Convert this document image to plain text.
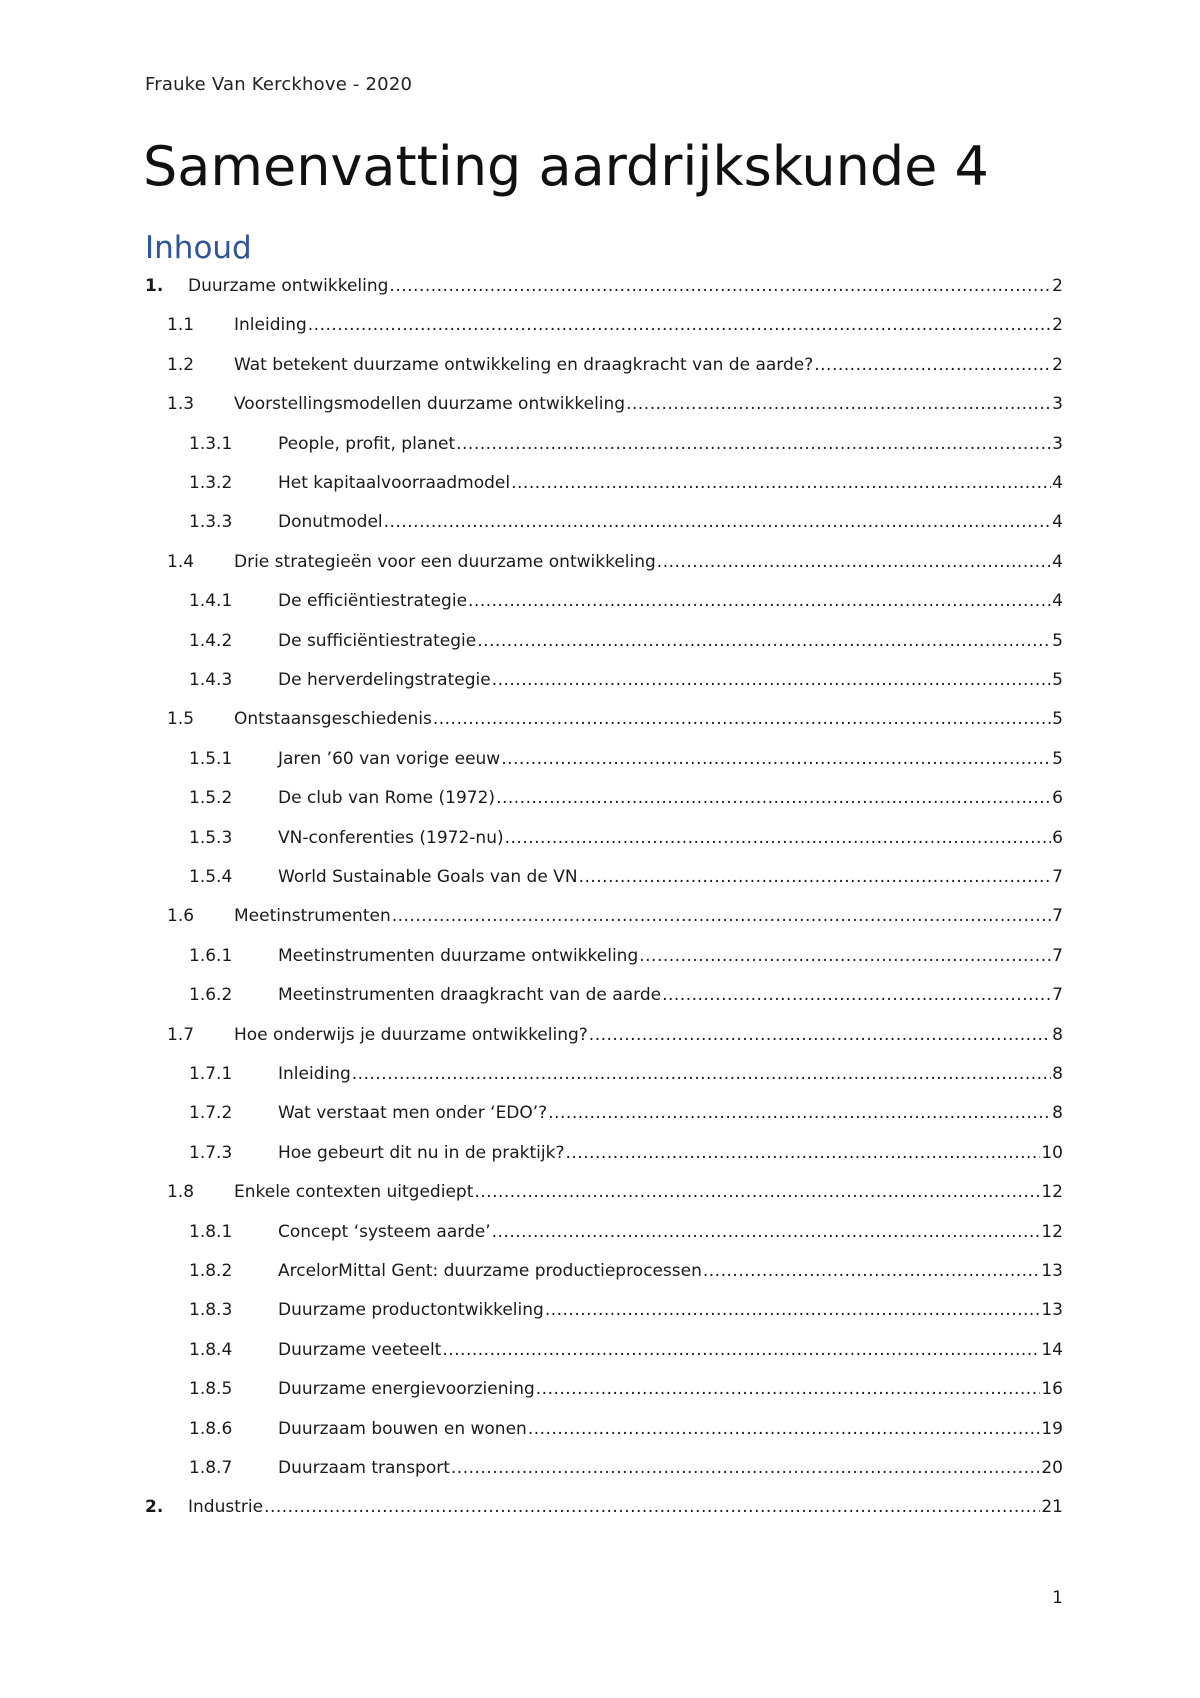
Frauke Van Kerckhove - 2020
Samenvatting aardrijkskunde 4
Inhoud
1.	Duurzame ontwikkeling .....	2
1.1	Inleiding .....	2
1.2	Wat betekent duurzame ontwikkeling en draagkracht van de aarde? .....	2
1.3	Voorstellingsmodellen duurzame ontwikkeling .....	3
1.3.1	People, profit, planet .....	3
1.3.2	Het kapitaalvoorraadmodel .....	4
1.3.3	Donutmodel .....	4
1.4	Drie strategieën voor een duurzame ontwikkeling .....	4
1.4.1	De efficiëntiestrategie .....	4
1.4.2	De sufficiëntiestrategie .....	5
1.4.3	De herverdelingstrategie .....	5
1.5	Ontstaansgeschiedenis .....	5
1.5.1	Jaren ’60 van vorige eeuw .....	5
1.5.2	De club van Rome (1972) .....	6
1.5.3	VN-conferenties (1972-nu) .....	6
1.5.4	World Sustainable Goals van de VN .....	7
1.6	Meetinstrumenten .....	7
1.6.1	Meetinstrumenten duurzame ontwikkeling .....	7
1.6.2	Meetinstrumenten draagkracht van de aarde .....	7
1.7	Hoe onderwijs je duurzame ontwikkeling? .....	8
1.7.1	Inleiding .....	8
1.7.2	Wat verstaat men onder ‘EDO’? .....	8
1.7.3	Hoe gebeurt dit nu in de praktijk? .....	10
1.8	Enkele contexten uitgediept .....	12
1.8.1	Concept ‘systeem aarde’ .....	12
1.8.2	ArcelorMittal Gent: duurzame productieprocessen .....	13
1.8.3	Duurzame productontwikkeling .....	13
1.8.4	Duurzame veeteelt .....	14
1.8.5	Duurzame energievoorziening .....	16
1.8.6	Duurzaam bouwen en wonen .....	19
1.8.7	Duurzaam transport .....	20
2.	Industrie .....	21
1
